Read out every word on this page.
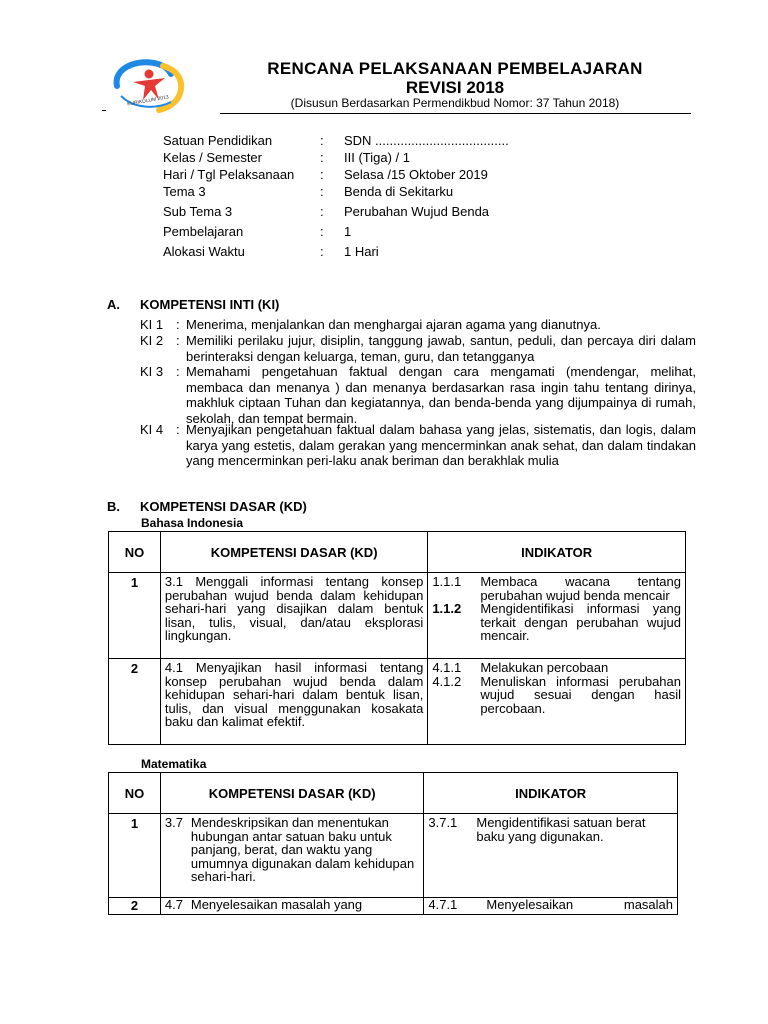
KURIKULUM 2013
RENCANA PELAKSANAAN PEMBELAJARAN
REVISI 2018
(Disusun Berdasarkan Permendikbud Nomor: 37 Tahun 2018)
Satuan Pendidikan	: SDN .....................................
Kelas / Semester	: III (Tiga) / 1
Hari / Tgl Pelaksanaan : Selasa /15 Oktober 2019
Tema 3	: Benda di Sekitarku
Sub Tema 3	: Perubahan Wujud Benda
Pembelajaran	: 1
Alokasi Waktu	: 1 Hari
A. KOMPETENSI INTI (KI)
KI 1 : Menerima, menjalankan dan menghargai ajaran agama yang dianutnya.
KI 2 : Memiliki perilaku jujur, disiplin, tanggung jawab, santun, peduli, dan percaya diri dalam berinteraksi dengan keluarga, teman, guru, dan tetangganya
KI 3 : Memahami pengetahuan faktual dengan cara mengamati (mendengar, melihat, membaca dan menanya ) dan menanya berdasarkan rasa ingin tahu tentang dirinya, makhluk ciptaan Tuhan dan kegiatannya, dan benda-benda yang dijumpainya di rumah, sekolah, dan tempat bermain.
KI 4 : Menyajikan pengetahuan faktual dalam bahasa yang jelas, sistematis, dan logis, dalam karya yang estetis, dalam gerakan yang mencerminkan anak sehat, dan dalam tindakan yang mencerminkan peri-laku anak beriman dan berakhlak mulia
B. KOMPETENSI DASAR (KD)
Bahasa Indonesia
NO	KOMPETENSI DASAR (KD)	INDIKATOR
1	3.1 Menggali informasi tentang konsep perubahan wujud benda dalam kehidupan sehari-hari yang disajikan dalam bentuk lisan, tulis, visual, dan/atau eksplorasi lingkungan.	1.1.1 Membaca wacana tentang perubahan wujud benda mencair
1.1.2 Mengidentifikasi informasi yang terkait dengan perubahan wujud mencair.

2	4.1 Menyajikan hasil informasi tentang konsep perubahan wujud benda dalam kehidupan sehari-hari dalam bentuk lisan, tulis, dan visual menggunakan kosakata baku dan kalimat efektif.	4.1.1 Melakukan percobaan
4.1.2 Menuliskan informasi perubahan wujud sesuai dengan hasil percobaan.
Matematika
NO	KOMPETENSI DASAR (KD)	INDIKATOR
1	3.7 Mendeskripsikan dan menentukan hubungan antar satuan baku untuk panjang, berat, dan waktu yang umumnya digunakan dalam kehidupan sehari-hari.	3.7.1 Mengidentifikasi satuan berat baku yang digunakan.

2	4.7 Menyelesaikan masalah yang	4.7.1 Menyelesaikan masalah
